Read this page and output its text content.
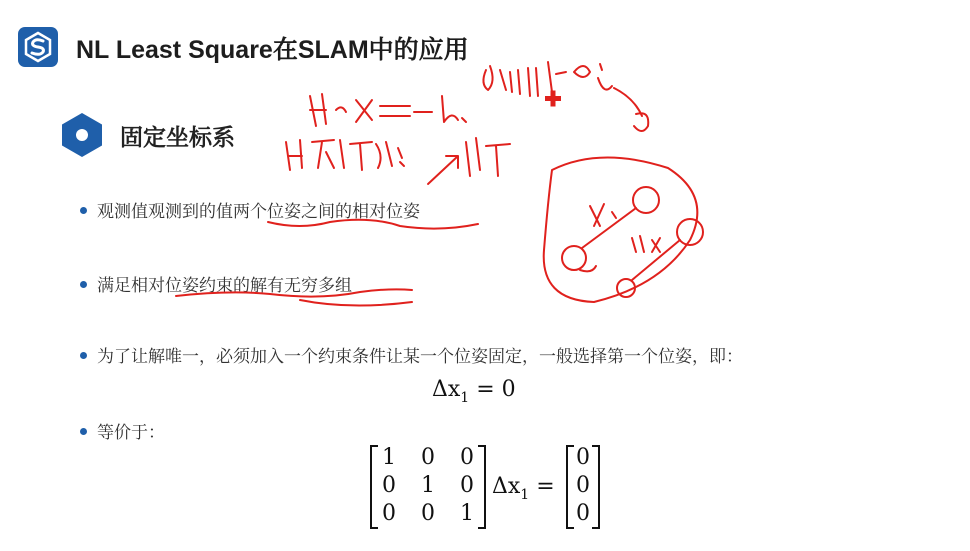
NL Least Square在SLAM中的应用
固定坐标系
观测值观测到的值两个位姿之间的相对位姿
满足相对位姿约束的解有无穷多组
为了让解唯一，必须加入一个约束条件让某一个位姿固定，一般选择第一个位姿，即：
$\Delta x_1 = 0$
等价于：
1 0 0
0 1 0
0 0 1
$\Delta x_1$ =
0
0
0
